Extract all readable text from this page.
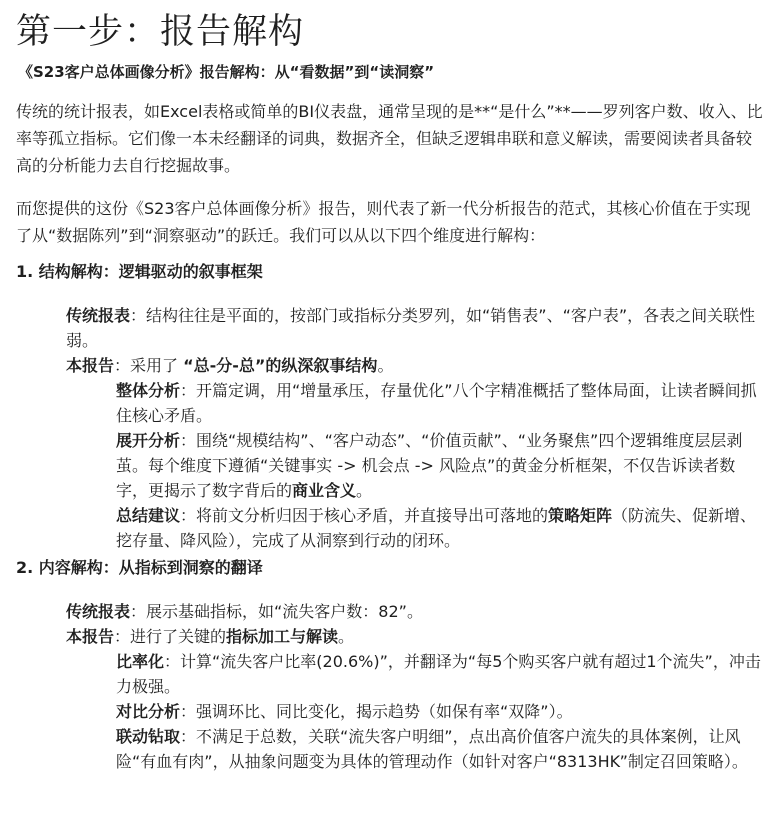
第一步：报告解构
《S23客户总体画像分析》报告解构：从“看数据”到“读洞察”

传统的统计报表，如Excel表格或简单的BI仪表盘，通常呈现的是**“是什么”**——罗列客户数、收入、比率等孤立指标。它们像一本未经翻译的词典，数据齐全，但缺乏逻辑串联和意义解读，需要阅读者具备较高的分析能力去自行挖掘故事。

而您提供的这份《S23客户总体画像分析》报告，则代表了新一代分析报告的范式，其核心价值在于实现了从“数据陈列”到“洞察驱动”的跃迁。我们可以从以下四个维度进行解构：

1. 结构解构：逻辑驱动的叙事框架
传统报表：结构往往是平面的，按部门或指标分类罗列，如“销售表”、“客户表”，各表之间关联性弱。
本报告：采用了 “总-分-总”的纵深叙事结构。
整体分析：开篇定调，用“增量承压，存量优化”八个字精准概括了整体局面，让读者瞬间抓住核心矛盾。
展开分析：围绕“规模结构”、“客户动态”、“价值贡献”、“业务聚焦”四个逻辑维度层层剥茧。每个维度下遵循“关键事实 -> 机会点 -> 风险点”的黄金分析框架，不仅告诉读者数字，更揭示了数字背后的商业含义。
总结建议：将前文分析归因于核心矛盾，并直接导出可落地的策略矩阵（防流失、促新增、挖存量、降风险），完成了从洞察到行动的闭环。
2. 内容解构：从指标到洞察的翻译
传统报表：展示基础指标，如“流失客户数：82”。
本报告：进行了关键的指标加工与解读。
比率化：计算“流失客户比率(20.6%)”，并翻译为“每5个购买客户就有超过1个流失”，冲击力极强。
对比分析：强调环比、同比变化，揭示趋势（如保有率“双降”）。
联动钻取：不满足于总数，关联“流失客户明细”，点出高价值客户流失的具体案例，让风险“有血有肉”，从抽象问题变为具体的管理动作（如针对客户“8313HK”制定召回策略）。
